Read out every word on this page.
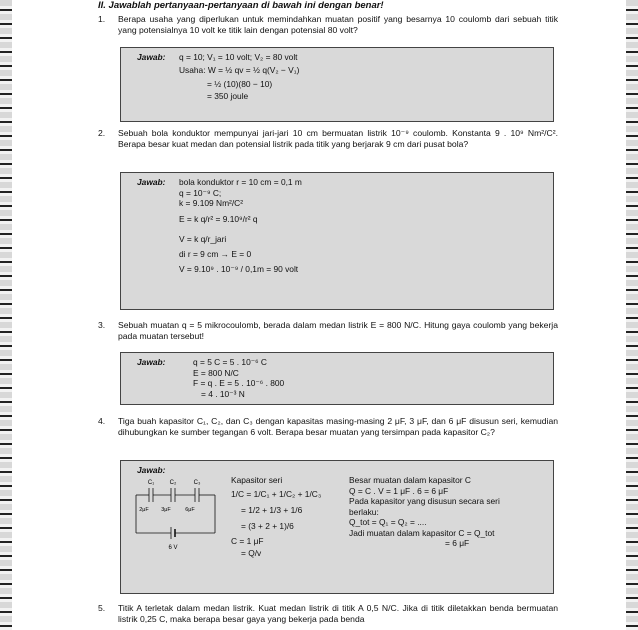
II. Jawablah pertanyaan-pertanyaan di bawah ini dengan benar!
1.	Berapa usaha yang diperlukan untuk memindahkan muatan positif yang besarnya 10 coulomb dari sebuah titik yang potensialnya 10 volt ke titik lain dengan potensial 80 volt?
Jawab: q = 10; V₁ = 10 volt; V₂ = 80 volt
Usaha: W = ½ qv = ½ q(V₂ − V₁)
= ½ (10)(80 − 10)
= 350 joule
2.	Sebuah bola konduktor mempunyai jari-jari 10 cm bermuatan listrik 10⁻⁹ coulomb. Konstanta 9 . 10⁹ Nm²/C². Berapa besar kuat medan dan potensial listrik pada titik yang berjarak 9 cm dari pusat bola?
Jawab: bola konduktor r = 10 cm = 0,1 m
q = 10⁻⁹ C;
k = 9.109 Nm²/C²
E = k q/r² = 9.10⁹/r² q
V = k q/r_jari
di r = 9 cm → E = 0
V = 9.10⁹ . 10⁻⁹ / 0,1m = 90 volt
3.	Sebuah muatan q = 5 mikrocoulomb, berada dalam medan listrik E = 800 N/C. Hitung gaya coulomb yang bekerja pada muatan tersebut!
Jawab:	q = 5 C = 5 . 10⁻⁶ C
E = 800 N/C
F = q . E = 5 . 10⁻⁶ . 800
= 4 . 10⁻³ N
4.	Tiga buah kapasitor C₁, C₂, dan C₃ dengan kapasitas masing-masing 2 μF, 3 μF, dan 6 μF disusun seri, kemudian dihubungkan ke sumber tegangan 6 volt. Berapa besar muatan yang tersimpan pada kapasitor C₂?
Jawab:
C₁	C₂	C₃
2μF 3μF	6μF
6 V
Kapasitor seri
1/C = 1/C₁ + 1/C₂ + 1/C₃
= 1/2 + 1/3 + 1/6
= (3 + 2 + 1)/6
C = 1 μF
= Q/v
Besar muatan dalam kapasitor C
Q = C . V = 1 μF . 6 = 6 μF
Pada kapasitor yang disusun secara seri
berlaku:
Q_tot = Q₁ = Q₂ = ....
Jadi muatan dalam kapasitor C = Q_tot
= 6 μF
5.	Titik A terletak dalam medan listrik. Kuat medan listrik di titik A 0,5 N/C. Jika di titik diletakkan benda bermuatan listrik 0,25 C, maka berapa besar gaya yang bekerja pada benda
